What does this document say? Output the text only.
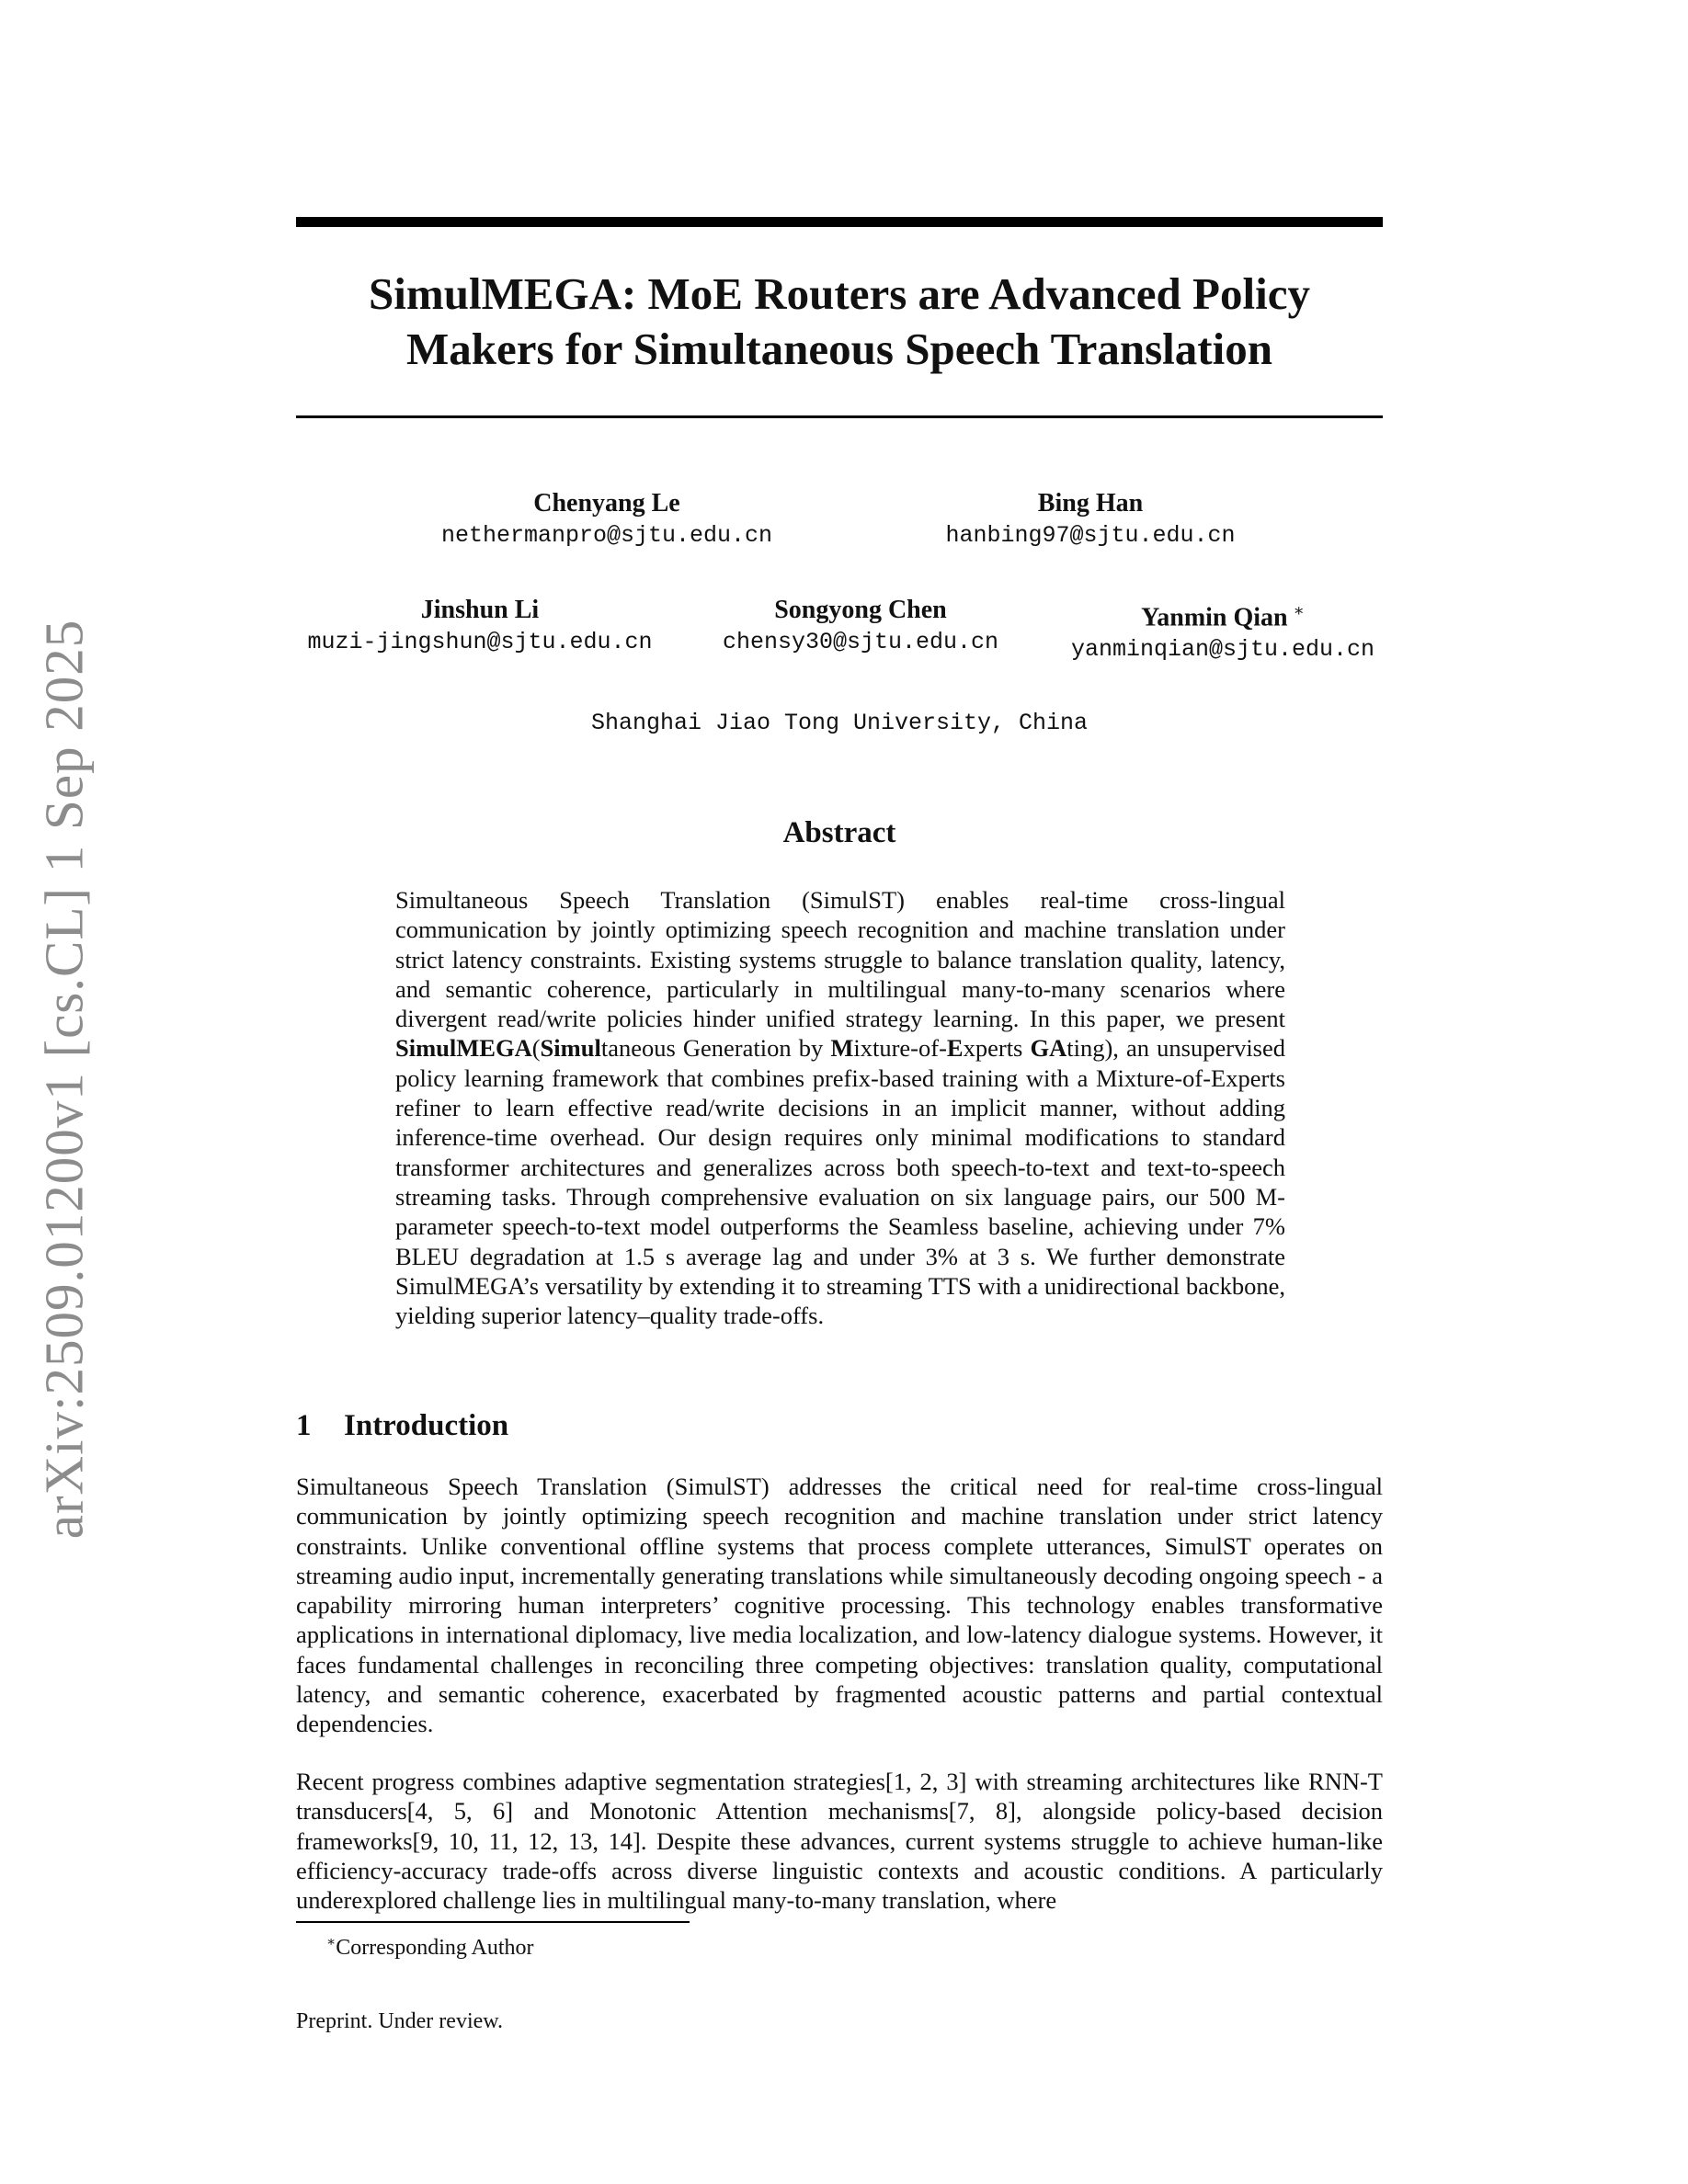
arXiv:2509.01200v1 [cs.CL] 1 Sep 2025
SimulMEGA: MoE Routers are Advanced Policy
Makers for Simultaneous Speech Translation
Chenyang Le
nethermanpro@sjtu.edu.cn
Bing Han
hanbing97@sjtu.edu.cn
Jinshun Li
muzi-jingshun@sjtu.edu.cn
Songyong Chen
chensy30@sjtu.edu.cn
Yanmin Qian ∗
yanminqian@sjtu.edu.cn
Shanghai Jiao Tong University, China
Abstract

Simultaneous Speech Translation (SimulST) enables real-time cross-lingual communication by jointly optimizing speech recognition and machine translation under strict latency constraints. Existing systems struggle to balance translation quality, latency, and semantic coherence, particularly in multilingual many-to-many scenarios where divergent read/write policies hinder unified strategy learning. In this paper, we present SimulMEGA(Simultaneous Generation by Mixture-of-Experts GAting), an unsupervised policy learning framework that combines prefix-based training with a Mixture-of-Experts refiner to learn effective read/write decisions in an implicit manner, without adding inference-time overhead. Our design requires only minimal modifications to standard transformer architectures and generalizes across both speech-to-text and text-to-speech streaming tasks. Through comprehensive evaluation on six language pairs, our 500 M-parameter speech-to-text model outperforms the Seamless baseline, achieving under 7% BLEU degradation at 1.5 s average lag and under 3% at 3 s. We further demonstrate SimulMEGA’s versatility by extending it to streaming TTS with a unidirectional backbone, yielding superior latency–quality trade-offs.

1 Introduction

Simultaneous Speech Translation (SimulST) addresses the critical need for real-time cross-lingual communication by jointly optimizing speech recognition and machine translation under strict latency constraints. Unlike conventional offline systems that process complete utterances, SimulST operates on streaming audio input, incrementally generating translations while simultaneously decoding ongoing speech - a capability mirroring human interpreters’ cognitive processing. This technology enables transformative applications in international diplomacy, live media localization, and low-latency dialogue systems. However, it faces fundamental challenges in reconciling three competing objectives: translation quality, computational latency, and semantic coherence, exacerbated by fragmented acoustic patterns and partial contextual dependencies.

Recent progress combines adaptive segmentation strategies[1, 2, 3] with streaming architectures like RNN-T transducers[4, 5, 6] and Monotonic Attention mechanisms[7, 8], alongside policy-based decision frameworks[9, 10, 11, 12, 13, 14]. Despite these advances, current systems struggle to achieve human-like efficiency-accuracy trade-offs across diverse linguistic contexts and acoustic conditions. A particularly underexplored challenge lies in multilingual many-to-many translation, where

∗Corresponding Author
Preprint. Under review.
